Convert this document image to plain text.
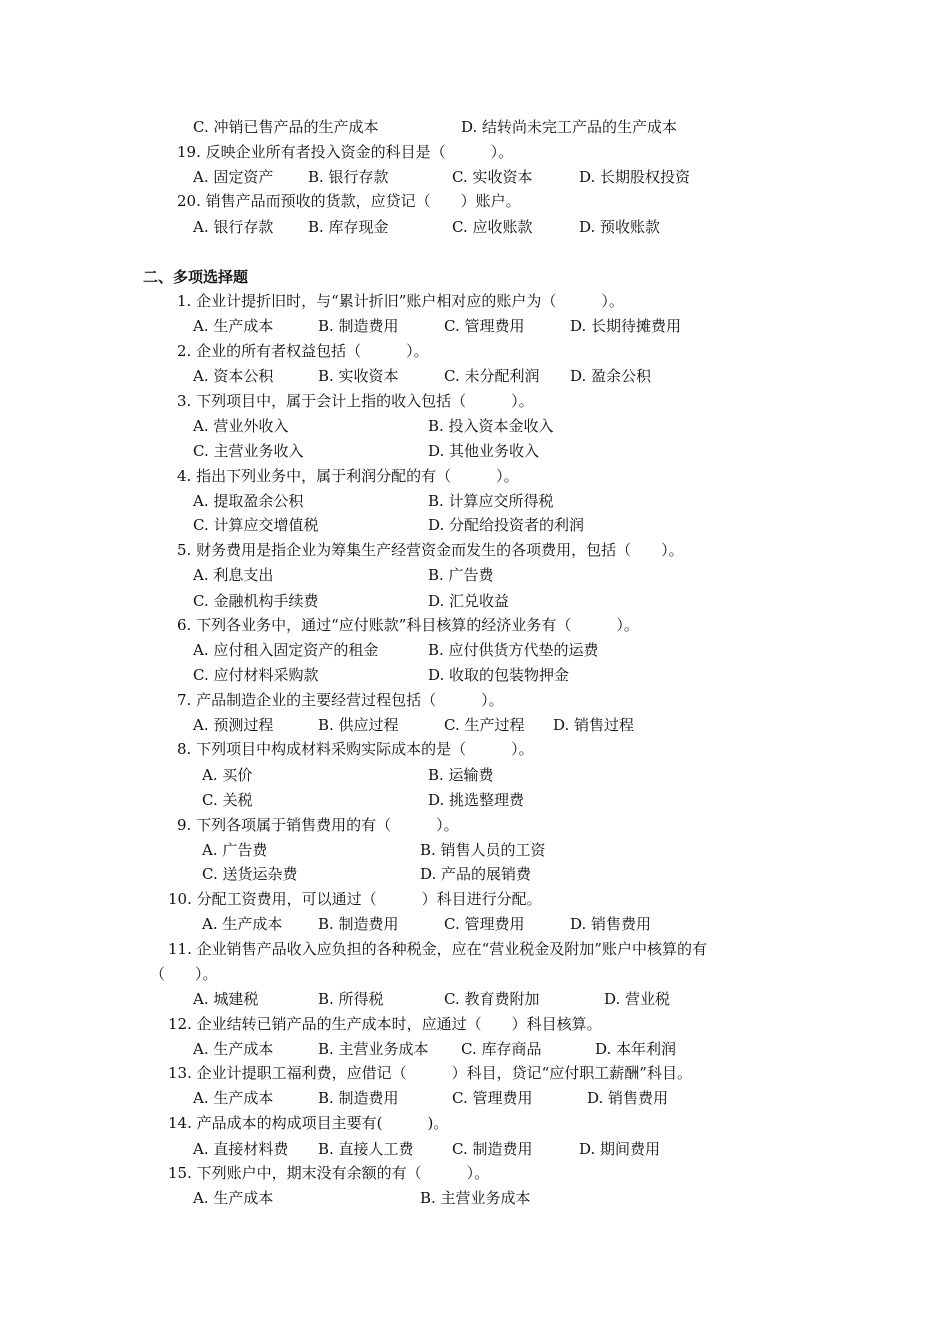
C. 冲销已售产品的生产成本	D. 结转尚未完工产品的生产成本
19. 反映企业所有者投入资金的科目是（　　　）。
A. 固定资产 B. 银行存款	C. 实收资本	D. 长期股权投资
20. 销售产品而预收的货款，应贷记（　　）账户。
A. 银行存款 B. 库存现金	C. 应收账款	D. 预收账款
二、多项选择题
1. 企业计提折旧时，与“累计折旧”账户相对应的账户为（　　　）。
A. 生产成本	B. 制造费用	C. 管理费用	D. 长期待摊费用
2. 企业的所有者权益包括（　　　）。
A. 资本公积	B. 实收资本	C. 未分配利润 D. 盈余公积
3. 下列项目中，属于会计上指的收入包括（　　　）。
A. 营业外收入	B. 投入资本金收入
C. 主营业务收入	D. 其他业务收入
4. 指出下列业务中，属于利润分配的有（　　　）。
A. 提取盈余公积	B. 计算应交所得税
C. 计算应交增值税	D. 分配给投资者的利润
5. 财务费用是指企业为筹集生产经营资金而发生的各项费用，包括（　　）。
A. 利息支出	B. 广告费
C. 金融机构手续费	D. 汇兑收益
6. 下列各业务中，通过“应付账款”科目核算的经济业务有（　　　）。
A. 应付租入固定资产的租金	B. 应付供货方代垫的运费
C. 应付材料采购款	D. 收取的包装物押金
7. 产品制造企业的主要经营过程包括（　　　）。
A. 预测过程	B. 供应过程	C. 生产过程 D. 销售过程
8. 下列项目中构成材料采购实际成本的是（　　　）。
A. 买价	B. 运输费
C. 关税	D. 挑选整理费
9. 下列各项属于销售费用的有（　　　）。
A. 广告费	B. 销售人员的工资
C. 送货运杂费	D. 产品的展销费
10. 分配工资费用，可以通过（　　　）科目进行分配。
A. 生产成本 B. 制造费用	C. 管理费用	D. 销售费用
11. 企业销售产品收入应负担的各种税金，应在“营业税金及附加”账户中核算的有
（　　）。
A. 城建税	B. 所得税	C. 教育费附加	D. 营业税
12. 企业结转已销产品的生产成本时，应通过（　　）科目核算。
A. 生产成本	B. 主营业务成本 C. 库存商品	D. 本年利润
13. 企业计提职工福利费，应借记（　　　）科目，贷记“应付职工薪酬”科目。
A. 生产成本	B. 制造费用	C. 管理费用	D. 销售费用
14. 产品成本的构成项目主要有(　　　)。
A. 直接材料费 B. 直接人工费	C. 制造费用	D. 期间费用
15. 下列账户中，期末没有余额的有（　　　）。
A. 生产成本	B. 主营业务成本
